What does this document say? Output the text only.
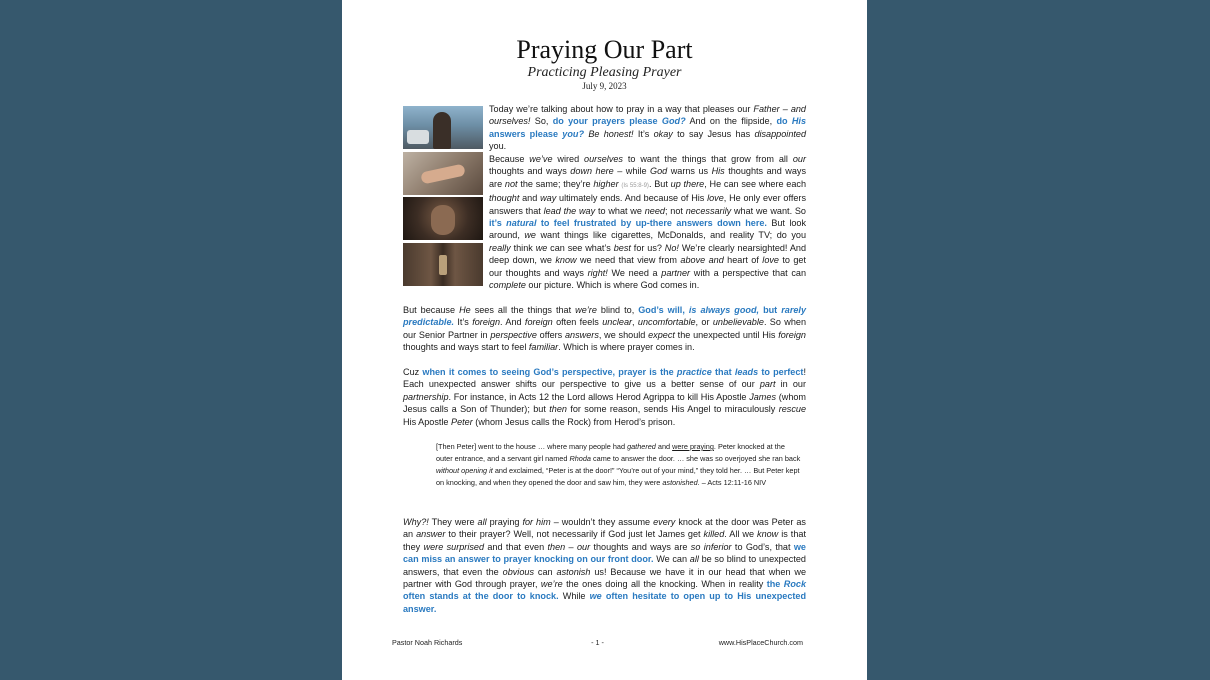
Praying Our Part
Practicing Pleasing Prayer
July 9, 2023

Today we’re talking about how to pray in a way that pleases our Father – and ourselves! So, do your prayers please God? And on the flipside, do His answers please you? Be honest! It’s okay to say Jesus has disappointed you.

Because we’ve wired ourselves to want the things that grow from all our thoughts and ways down here – while God warns us His thoughts and ways are not the same; they’re higher (Is 55:8-9). But up there, He can see where each thought and way ultimately ends. And because of His love, He only ever offers answers that lead the way to what we need; not necessarily what we want. So it’s natural to feel frustrated by up-there answers down here. But look around, we want things like cigarettes, McDonalds, and reality TV; do you really think we can see what’s best for us? No! We’re clearly nearsighted! And deep down, we know we need that view from above and heart of love to get our thoughts and ways right! We need a partner with a perspective that can complete our picture. Which is where God comes in.

But because He sees all the things that we’re blind to, God’s will, is always good, but rarely predictable. It’s foreign. And foreign often feels unclear, uncomfortable, or unbelievable. So when our Senior Partner in perspective offers answers, we should expect the unexpected until His foreign thoughts and ways start to feel familiar. Which is where prayer comes in.

Cuz when it comes to seeing God’s perspective, prayer is the practice that leads to perfect! Each unexpected answer shifts our perspective to give us a better sense of our part in our partnership. For instance, in Acts 12 the Lord allows Herod Agrippa to kill His Apostle James (whom Jesus calls a Son of Thunder); but then for some reason, sends His Angel to miraculously rescue His Apostle Peter (whom Jesus calls the Rock) from Herod’s prison.

[Then Peter] went to the house … where many people had gathered and were praying. Peter knocked at the outer entrance, and a servant girl named Rhoda came to answer the door. … she was so overjoyed she ran back without opening it and exclaimed, “Peter is at the door!” “You’re out of your mind,” they told her. … But Peter kept on knocking, and when they opened the door and saw him, they were astonished. – Acts 12:11-16 NIV

Why?! They were all praying for him – wouldn’t they assume every knock at the door was Peter as an answer to their prayer? Well, not necessarily if God just let James get killed. All we know is that they were surprised and that even then – our thoughts and ways are so inferior to God’s, that we can miss an answer to prayer knocking on our front door. We can all be so blind to unexpected answers, that even the obvious can astonish us! Because we have it in our head that when we partner with God through prayer, we’re the ones doing all the knocking. When in reality the Rock often stands at the door to knock. While we often hesitate to open up to His unexpected answer.

Pastor Noah Richards	- 1 -	www.HisPlaceChurch.com
